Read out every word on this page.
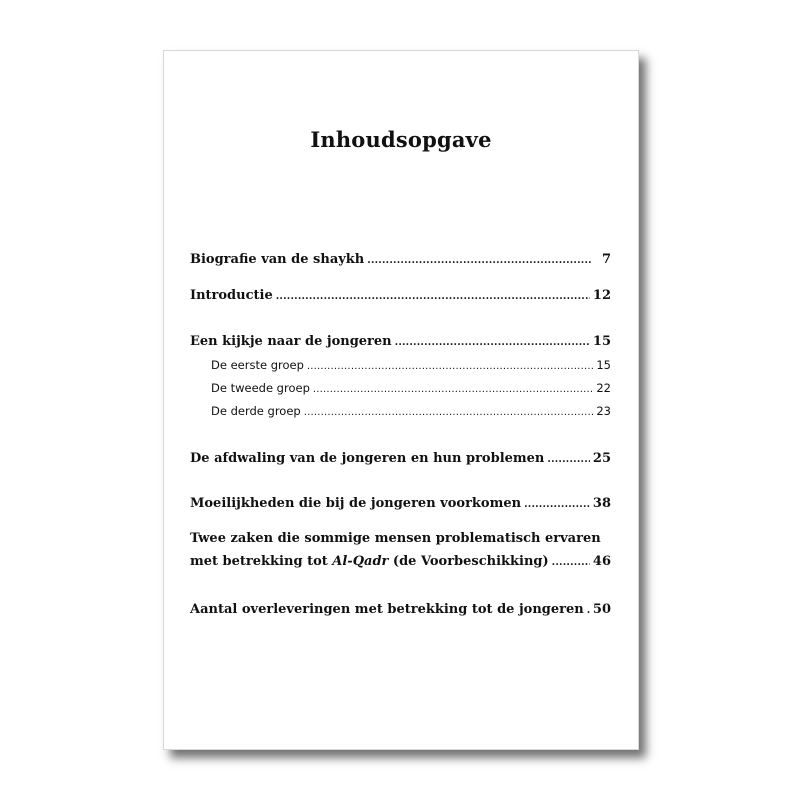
Inhoudsopgave
Biografie van de shaykh .....	7
Introductie .....	12
Een kijkje naar de jongeren .....	15
De eerste groep .....	15
De tweede groep .....	22
De derde groep .....	23
De afdwaling van de jongeren en hun problemen .....	25
Moeilijkheden die bij de jongeren voorkomen .....	38
Twee zaken die sommige mensen problematisch ervaren
met betrekking tot Al-Qadr (de Voorbeschikking) .....	46
Aantal overleveringen met betrekking tot de jongeren ..... 50
